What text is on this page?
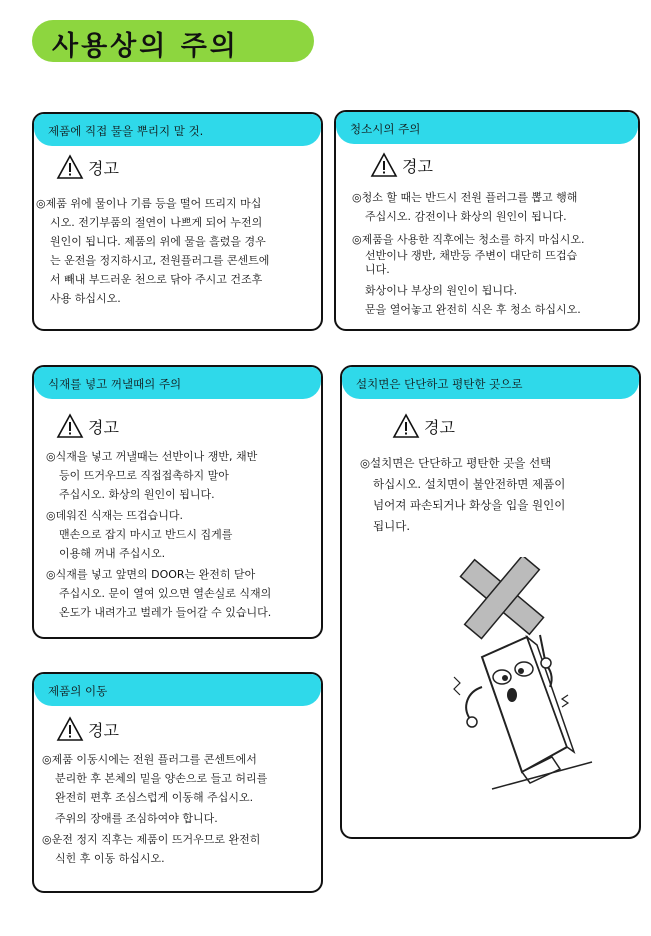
사용상의 주의
제품에 직접 물을 뿌리지 말 것.
경고

◎제품 위에 물이나 기름 등을 떨어 뜨리지 마십

시오. 전기부품의 절연이 나쁘게 되어 누전의

원인이 됩니다. 제품의 위에 물을 흘렸을 경우

는 운전을 정지하시고, 전원플러그를 콘센트에

서 빼내 부드러운 천으로 닦아 주시고 건조후

사용 하십시오.

청소시의 주의
경고

◎청소 할 때는 반드시 전원 플러그를 뽑고 행해

주십시오. 감전이나 화상의 원인이 됩니다.

◎제품을 사용한 직후에는 청소를 하지 마십시오.

선반이나 쟁반, 채반등 주변이 대단히 뜨겁습

니다.

화상이나 부상의 원인이 됩니다.

문을 열어놓고 완전히 식은 후 청소 하십시오.

식재를 넣고 꺼낼때의 주의
경고

◎식재을 넣고 꺼낼때는 선반이나 쟁반, 채반

등이 뜨거우므로 직접접촉하지 말아

주십시오. 화상의 원인이 됩니다.

◎데워진 식재는 뜨겁습니다.

맨손으로 잡지 마시고 반드시 집게를

이용해 꺼내 주십시오.

◎식재를 넣고 앞면의 DOOR는 완전히 닫아

주십시오. 문이 열여 있으면 열손실로 식재의

온도가 내려가고 벌레가 들어갈 수 있습니다.

설치면은 단단하고 평탄한 곳으로
경고

◎설치면은 단단하고 평탄한 곳을 선택

하십시오. 설치면이 불안전하면 제품이

넘어져 파손되거나 화상을 입을 원인이

됩니다.

제품의 이동
경고

◎제품 이동시에는 전원 플러그를 콘센트에서

분리한 후 본체의 밑을 양손으로 들고 허리를

완전히 편후 조심스럽게 이동해 주십시오.

주위의 장애를 조심하여야 합니다.

◎운전 정지 직후는 제품이 뜨거우므로 완전히

식힌 후 이동 하십시오.
